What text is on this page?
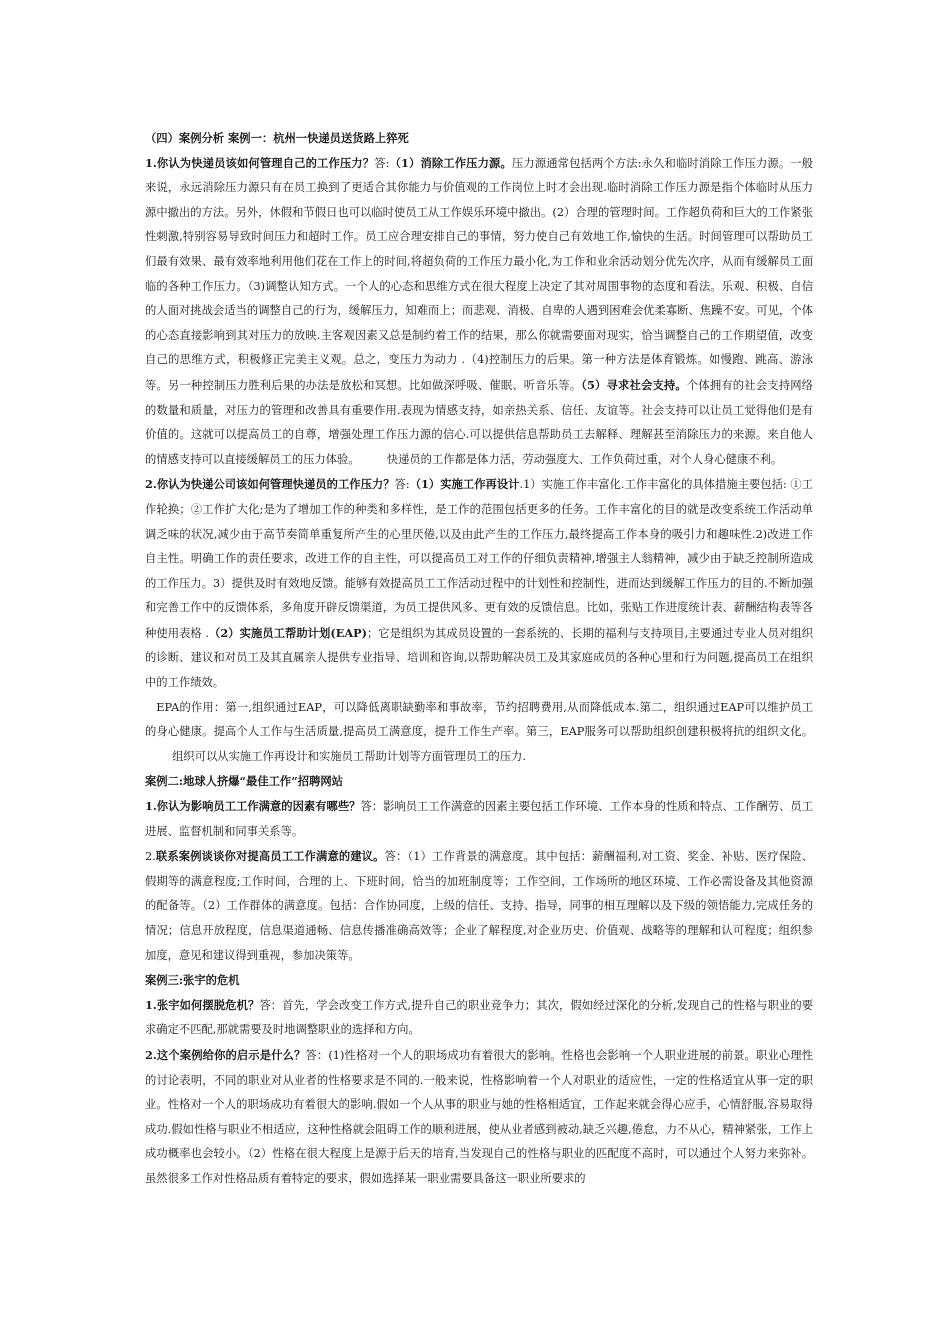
（四）案例分析 案例一：杭州一快递员送货路上猝死

1.你认为快递员该如何管理自己的工作压力？答:（1）消除工作压力源。压力源通常包括两个方法:永久和临时消除工作压力源。一般来说，永远消除压力源只有在员工换到了更适合其你能力与价值观的工作岗位上时才会出现.临时消除工作压力源是指个体临时从压力源中撤出的方法。另外，休假和节假日也可以临时使员工从工作娱乐环境中撤出。(2）合理的管理时间。工作超负荷和巨大的工作紧张性刺激,特别容易导致时间压力和超时工作。员工应合理安排自己的事情，努力使自己有效地工作,愉快的生活。时间管理可以帮助员工们最有效果、最有效率地利用他们花在工作上的时间,将超负荷的工作压力最小化,为工作和业余活动划分优先次序，从而有缓解员工面临的各种工作压力。（3)调整认知方式。一个人的心态和思维方式在很大程度上决定了其对周围事物的态度和看法。乐观、积极、自信的人面对挑战会适当的调整自己的行为，缓解压力，知难而上；而悲观、消极、自卑的人遇到困难会优柔寡断、焦躁不安。可见，个体的心态直接影响到其对压力的放映.主客观因素又总是制约着工作的结果，那么你就需要面对现实，恰当调整自己的工作期望值，改变自己的思维方式，积极修正完美主义观。总之，变压力为动力 .（4)控制压力的后果。第一种方法是体育锻炼。如慢跑、跳高、游泳等。另一种控制压力胜利后果的办法是放松和冥想。比如做深呼吸、催眠、听音乐等。（5）寻求社会支持。个体拥有的社会支持网络的数量和质量，对压力的管理和改善具有重要作用.表现为情感支持，如亲热关系、信任、友谊等。社会支持可以让员工觉得他们是有价值的。这就可以提高员工的自尊，增强处理工作压力源的信心.可以提供信息帮助员工去解释、理解甚至消除压力的来源。来自他人的情感支持可以直接缓解员工的压力体验。 快递员的工作都是体力活，劳动强度大、工作负荷过重，对个人身心健康不利。

2.你认为快递公司该如何管理快递员的工作压力？答:（1）实施工作再设计.1）实施工作丰富化.工作丰富化的具体措施主要包括: ①工作轮换；②工作扩大化;是为了增加工作的种类和多样性，是工作的范围包括更多的任务。工作丰富化的目的就是改变系统工作活动单调乏味的状况,减少由于高节奏简单重复所产生的心里厌倦,以及由此产生的工作压力,最终提高工作本身的吸引力和趣味性.2)改进工作自主性。明确工作的责任要求，改进工作的自主性，可以提高员工对工作的仔细负责精神,增强主人翁精神，减少由于缺乏控制所造成的工作压力。3）提供及时有效地反馈。能够有效提高员工工作活动过程中的计划性和控制性，进而达到缓解工作压力的目的.不断加强和完善工作中的反馈体系，多角度开辟反馈渠道，为员工提供风多、更有效的反馈信息。比如，张贴工作进度统计表、薪酬结构表等各种使用表格 .（2）实施员工帮助计划(EAP)；它是组织为其成员设置的一套系统的、长期的福利与支持项目,主要通过专业人员对组织的诊断、建议和对员工及其直属亲人提供专业指导、培训和咨询,以帮助解决员工及其家庭成员的各种心里和行为问题,提高员工在组织中的工作绩效。

EPA的作用：第一,组织通过EAP，可以降低离职缺勤率和事故率，节约招聘费用,从而降低成本.第二，组织通过EAP可以维护员工的身心健康。提高个人工作与生活质量,提高员工满意度，提升工作生产率。第三，EAP服务可以帮助组织创建积极将抗的组织文化。组织可以从实施工作再设计和实施员工帮助计划等方面管理员工的压力.

案例二:地球人挤爆“最佳工作”招聘网站

1.你认为影响员工工作满意的因素有哪些？答：影响员工工作满意的因素主要包括工作环境、工作本身的性质和特点、工作酬劳、员工进展、监督机制和同事关系等。

2.联系案例谈谈你对提高员工工作满意的建议。答：（1）工作背景的满意度。其中包括：薪酬福利,对工资、奖金、补贴、医疗保险、假期等的满意程度;工作时间，合理的上、下班时间，恰当的加班制度等；工作空间，工作场所的地区环境、工作必需设备及其他资源的配备等。（2）工作群体的满意度。包括：合作协同度，上级的信任、支持、指导，同事的相互理解以及下级的领悟能力,完成任务的情况；信息开放程度，信息渠道通畅、信息传播准确高效等；企业了解程度,对企业历史、价值观、战略等的理解和认可程度；组织参加度，意见和建议得到重视，参加决策等。

案例三:张宇的危机

1.张宇如何摆脱危机？答：首先，学会改变工作方式,提升自己的职业竞争力；其次，假如经过深化的分析,发现自己的性格与职业的要求确定不匹配,那就需要及时地调整职业的选择和方向。

2.这个案例给你的启示是什么？答：(1)性格对一个人的职场成功有着很大的影响。性格也会影响一个人职业进展的前景。职业心理性的讨论表明，不同的职业对从业者的性格要求是不同的.一般来说，性格影响着一个人对职业的适应性，一定的性格适宜从事一定的职业。性格对一个人的职场成功有着很大的影响.假如一个人从事的职业与她的性格相适宜，工作起来就会得心应手，心情舒服,容易取得成功.假如性格与职业不相适应，这种性格就会阻碍工作的顺利进展，使从业者感到被动,缺乏兴趣,倦怠，力不从心，精神紧张，工作上成功概率也会较小。（2）性格在很大程度上是源于后天的培育,当发现自己的性格与职业的匹配度不高时，可以通过个人努力来弥补。虽然很多工作对性格品质有着特定的要求，假如选择某一职业需要具备这一职业所要求的
